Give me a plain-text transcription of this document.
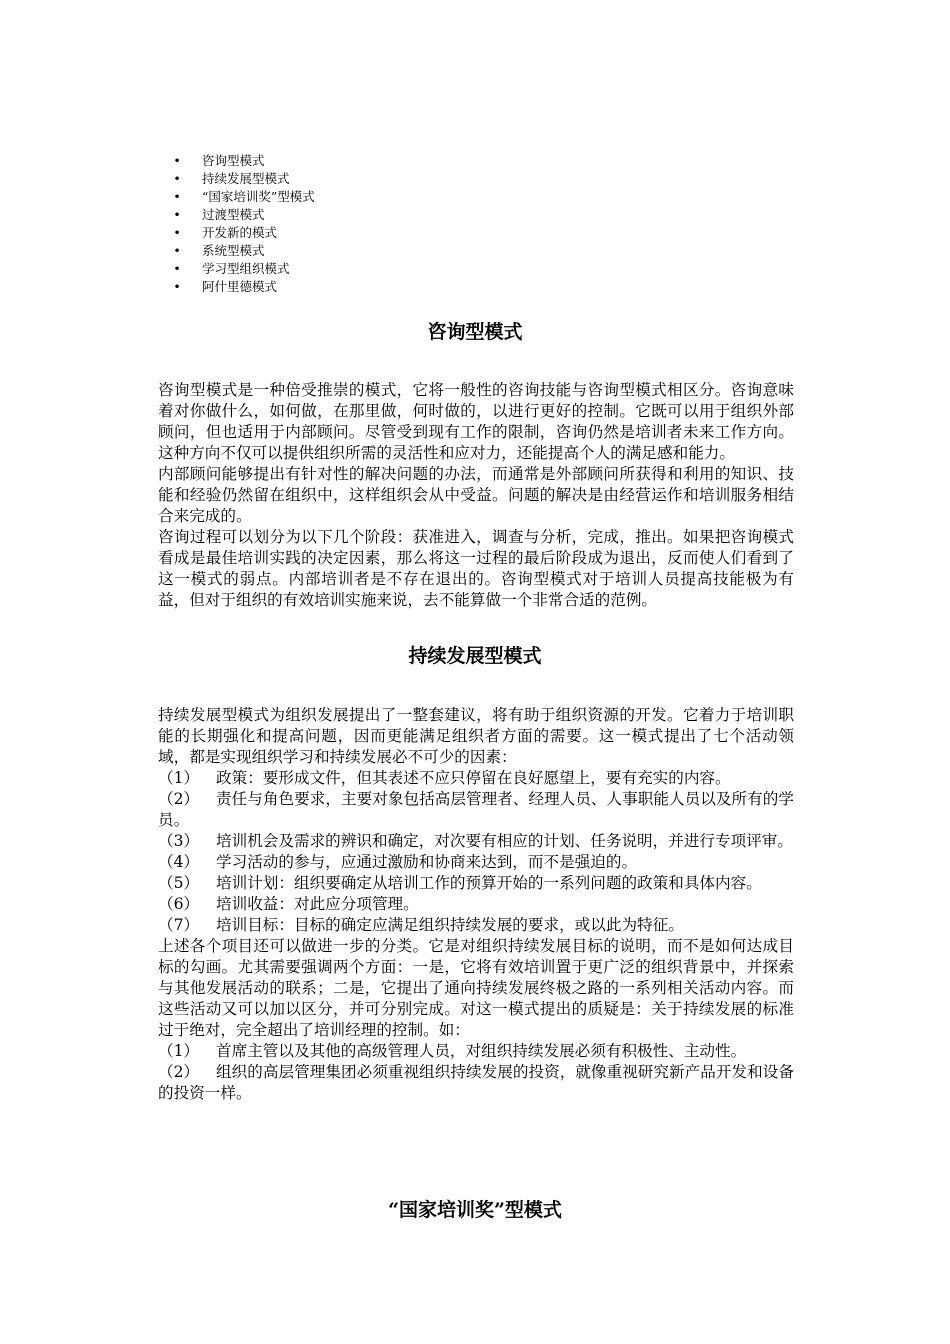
• 咨询型模式
• 持续发展型模式
• “国家培训奖”型模式
• 过渡型模式
• 开发新的模式
• 系统型模式
• 学习型组织模式
• 阿什里德模式
咨询型模式

咨询型模式是一种倍受推崇的模式，它将一般性的咨询技能与咨询型模式相区分。咨询意味着对你做什么，如何做，在那里做，何时做的，以进行更好的控制。它既可以用于组织外部顾问，但也适用于内部顾问。尽管受到现有工作的限制，咨询仍然是培训者未来工作方向。这种方向不仅可以提供组织所需的灵活性和应对力，还能提高个人的满足感和能力。

内部顾问能够提出有针对性的解决问题的办法，而通常是外部顾问所获得和利用的知识、技能和经验仍然留在组织中，这样组织会从中受益。问题的解决是由经营运作和培训服务相结合来完成的。

咨询过程可以划分为以下几个阶段：获准进入，调查与分析，完成，推出。如果把咨询模式看成是最佳培训实践的决定因素，那么将这一过程的最后阶段成为退出，反而使人们看到了这一模式的弱点。内部培训者是不存在退出的。咨询型模式对于培训人员提高技能极为有益，但对于组织的有效培训实施来说，去不能算做一个非常合适的范例。

持续发展型模式

持续发展型模式为组织发展提出了一整套建议，将有助于组织资源的开发。它着力于培训职能的长期强化和提高问题，因而更能满足组织者方面的需要。这一模式提出了七个活动领域，都是实现组织学习和持续发展必不可少的因素：

（1） 政策：要形成文件，但其表述不应只停留在良好愿望上，要有充实的内容。

（2） 责任与角色要求，主要对象包括高层管理者、经理人员、人事职能人员以及所有的学员。

（3） 培训机会及需求的辨识和确定，对次要有相应的计划、任务说明，并进行专项评审。

（4） 学习活动的参与，应通过激励和协商来达到，而不是强迫的。

（5） 培训计划：组织要确定从培训工作的预算开始的一系列问题的政策和具体内容。

（6） 培训收益：对此应分项管理。

（7） 培训目标：目标的确定应满足组织持续发展的要求，或以此为特征。

上述各个项目还可以做进一步的分类。它是对组织持续发展目标的说明，而不是如何达成目标的勾画。尤其需要强调两个方面：一是，它将有效培训置于更广泛的组织背景中，并探索与其他发展活动的联系；二是，它提出了通向持续发展终极之路的一系列相关活动内容。而这些活动又可以加以区分，并可分别完成。对这一模式提出的质疑是：关于持续发展的标准过于绝对，完全超出了培训经理的控制。如：

（1） 首席主管以及其他的高级管理人员，对组织持续发展必须有积极性、主动性。

（2） 组织的高层管理集团必须重视组织持续发展的投资，就像重视研究新产品开发和设备的投资一样。

“国家培训奖”型模式
